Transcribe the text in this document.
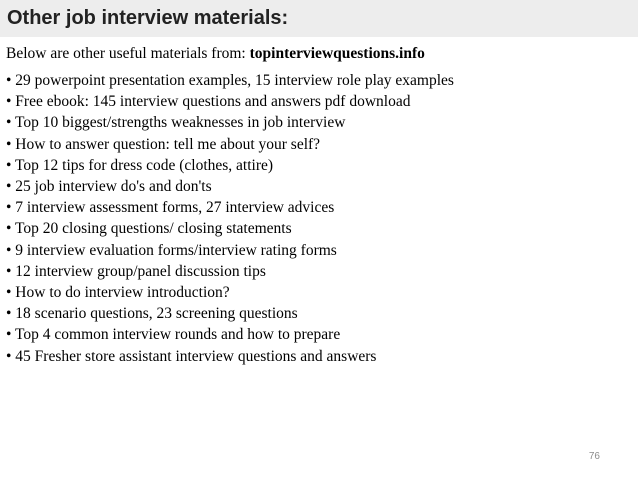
Other job interview materials:

Below are other useful materials from: topinterviewquestions.info

• 29 powerpoint presentation examples, 15 interview role play examples
• Free ebook: 145 interview questions and answers pdf download
• Top 10 biggest/strengths weaknesses in job interview
• How to answer question: tell me about your self?
• Top 12 tips for dress code (clothes, attire)
• 25 job interview do's and don'ts
• 7 interview assessment forms, 27 interview advices
• Top 20 closing questions/ closing statements
• 9 interview evaluation forms/interview rating forms
• 12 interview group/panel discussion tips
• How to do interview introduction?
• 18 scenario questions, 23 screening questions
• Top 4 common interview rounds and how to prepare
• 45 Fresher store assistant interview questions and answers
76
